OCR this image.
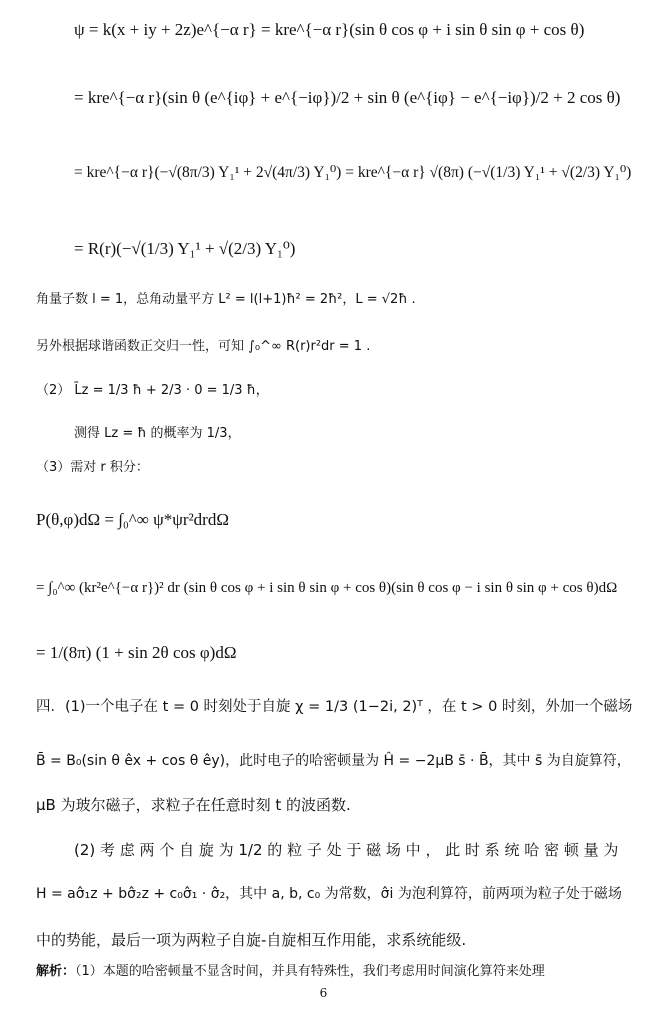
ψ = k(x + iy + 2z)e^{−α r} = kre^{−α r}(sin θ cos φ + i sin θ sin φ + cos θ)
= kre^{−α r}(sin θ (e^{iφ} + e^{−iφ})/2 + sin θ (e^{iφ} − e^{−iφ})/2 + 2 cos θ)
= kre^{−α r}(−√(8π/3) Y₁¹ + 2√(4π/3) Y₁⁰) = kre^{−α r} √(8π) (−√(1/3) Y₁¹ + √(2/3) Y₁⁰)
= R(r)(−√(1/3) Y₁¹ + √(2/3) Y₁⁰)
角量子数 l = 1，总角动量平方 L² = l(l+1)ħ² = 2ħ²，L = √2ħ .
另外根据球谐函数正交归一性，可知 ∫₀^∞ R(r)r²dr = 1 .
（2） L̄z = 1/3 ħ + 2/3 · 0 = 1/3 ħ，
测得 Lz = ħ 的概率为 1/3，
（3）需对 r 积分：
P(θ,φ)dΩ = ∫₀^∞ ψ*ψr²drdΩ
= ∫₀^∞ (kr²e^{−α r})² dr (sin θ cos φ + i sin θ sin φ + cos θ)(sin θ cos φ − i sin θ sin φ + cos θ)dΩ
= 1/(8π) (1 + sin 2θ cos φ)dΩ
四．(1)一个电子在 t = 0 时刻处于自旋 χ = 1/3 (1−2i, 2)ᵀ ，在 t > 0 时刻，外加一个磁场
B̄ = B₀(sin θ êx + cos θ êy)，此时电子的哈密顿量为 Ĥ = −2μB s̄ · B̄，其中 s̄ 为自旋算符，
μB 为玻尔磁子，求粒子在任意时刻 t 的波函数.
(2) 考 虑 两 个 自 旋 为 1/2 的 粒 子 处 于 磁 场 中 ， 此 时 系 统 哈 密 顿 量 为
H = aσ̂₁z + bσ̂₂z + c₀σ̂₁ · σ̂₂，其中 a, b, c₀ 为常数，σ̂i 为泡利算符，前两项为粒子处于磁场
中的势能，最后一项为两粒子自旋-自旋相互作用能，求系统能级.
解析：（1）本题的哈密顿量不显含时间，并具有特殊性，我们考虑用时间演化算符来处理
6
